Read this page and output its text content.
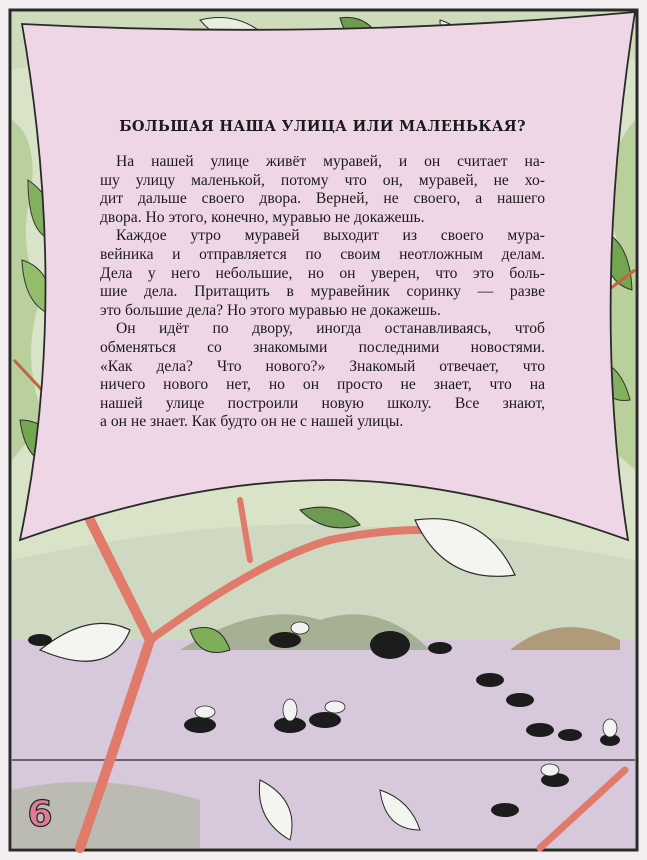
БОЛЬШАЯ НАША УЛИЦА ИЛИ МАЛЕНЬКАЯ?
На нашей улице живёт муравей, и он считает на-
шу улицу маленькой, потому что он, муравей, не хо-
дит дальше своего двора. Верней, не своего, а нашего
двора. Но этого, конечно, муравью не докажешь.
Каждое утро муравей выходит из своего мура-
вейника и отправляется по своим неотложным делам.
Дела у него небольшие, но он уверен, что это боль-
шие дела. Притащить в муравейник соринку — разве
это большие дела? Но этого муравью не докажешь.
Он идёт по двору, иногда останавливаясь, чтоб
обменяться со знакомыми последними новостями.
«Как дела? Что нового?» Знакомый отвечает, что
ничего нового нет, но он просто не знает, что на
нашей улице построили новую школу. Все знают,
а он не знает. Как будто он не с нашей улицы.
6
